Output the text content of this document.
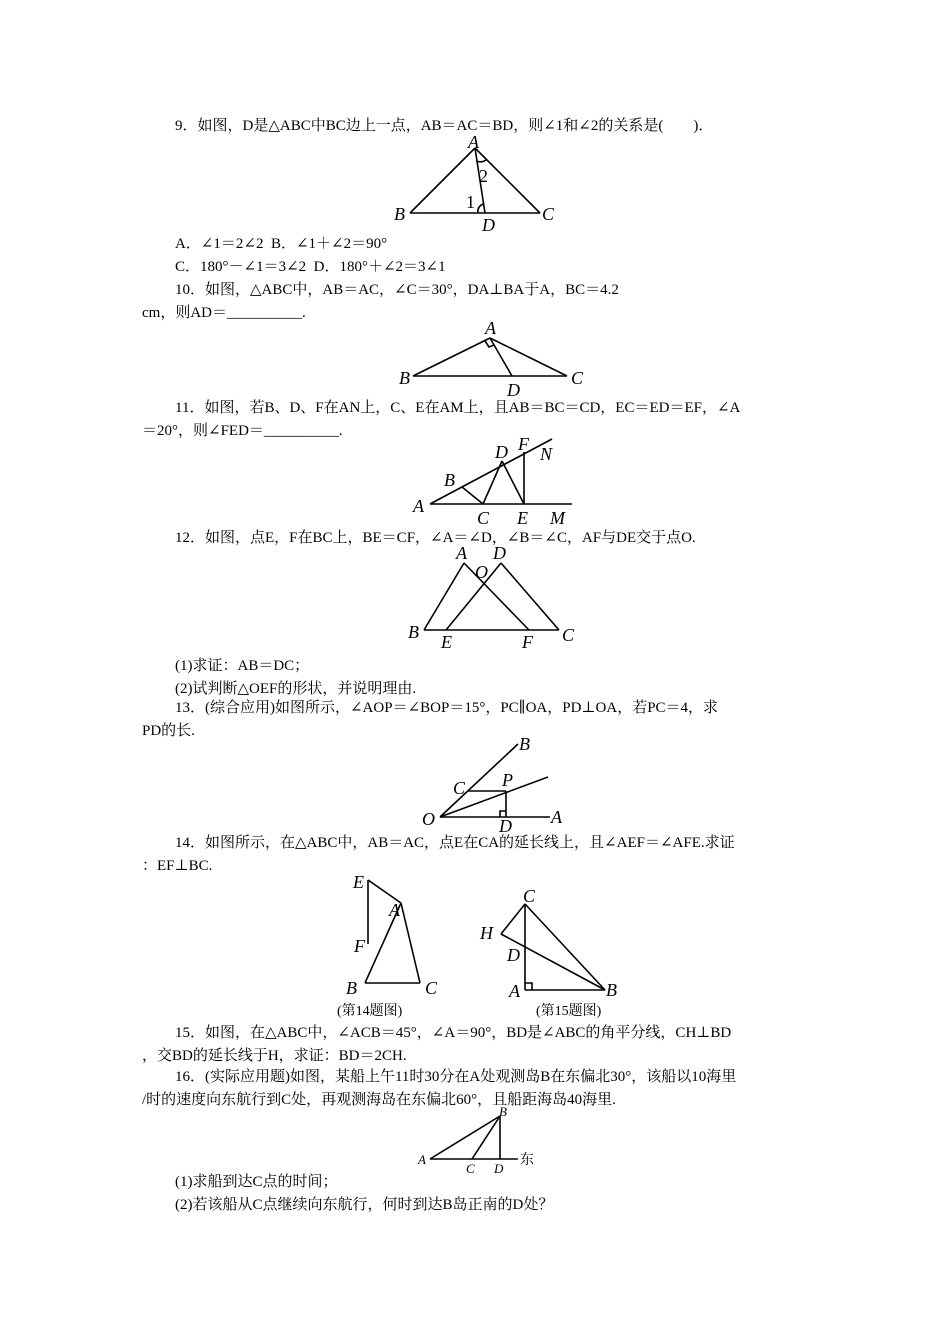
9．如图，D是△ABC中BC边上一点，AB＝AC＝BD，则∠1和∠2的关系是(　　)．
A
B	C
D
1
2
A．∠1＝2∠2  B．∠1＋∠2＝90°
C．180°－∠1＝3∠2  D．180°＋∠2＝3∠1
10．如图，△ABC中，AB＝AC，∠C＝30°，DA⊥BA于A，BC＝4.2
cm，则AD＝__________.
A
B	C
D
11．如图，若B、D、F在AN上，C、E在AM上，且AB＝BC＝CD，EC＝ED＝EF，∠A
＝20°，则∠FED＝__________.
A
B
C
D
E
F
M
N
12．如图，点E，F在BC上，BE＝CF，∠A＝∠D，∠B＝∠C，AF与DE交于点O.
A D
O
B	C
E	F
(1)求证：AB＝DC；
(2)试判断△OEF的形状，并说明理由.
13．(综合应用)如图所示，∠AOP＝∠BOP＝15°，PC∥OA，PD⊥OA，若PC＝4，求
PD的长.
O	A
B
C P
D
14．如图所示，在△ABC中，AB＝AC，点E在CA的延长线上，且∠AEF＝∠AFE.求证
：EF⊥BC.
E
A
F
B	C
(第14题图)
C
H
D
A	B
(第15题图)
15．如图，在△ABC中，∠ACB＝45°，∠A＝90°，BD是∠ABC的角平分线，CH⊥BD
，交BD的延长线于H，求证：BD＝2CH.
16．(实际应用题)如图，某船上午11时30分在A处观测岛B在东偏北30°，该船以10海里
/时的速度向东航行到C处，再观测海岛在东偏北60°，且船距海岛40海里.
A
B
C D
东
(1)求船到达C点的时间；
(2)若该船从C点继续向东航行，何时到达B岛正南的D处？
